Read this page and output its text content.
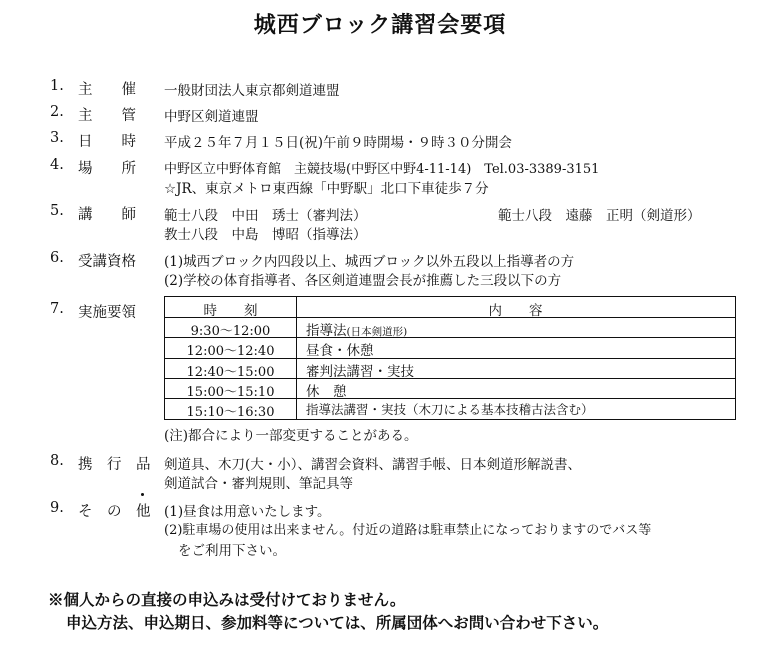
城西ブロック講習会要項
1. 主　　催 一般財団法人東京都剣道連盟
2. 主　　管 中野区剣道連盟
3. 日　　時 平成２５年７月１５日(祝)午前９時開場・９時３０分開会
4. 場　　所 中野区立中野体育館　主競技場(中野区中野4-11-14)　Tel.03-3389-3151
☆JR、東京メトロ東西線「中野駅」北口下車徒歩７分
5. 講　　師 範士八段　中田　琇士（審判法）	範士八段　遠藤　正明（剣道形）
教士八段　中島　博昭（指導法）
6. 受講資格 (1)城西ブロック内四段以上、城西ブロック以外五段以上指導者の方
(2)学校の体育指導者、各区剣道連盟会長が推薦した三段以下の方
7. 実施要領	時　　刻	内　　容
9:30～12:00	指導法(日本剣道形)
12:00～12:40	昼食・休憩
12:40～15:00	審判法講習・実技
15:00～15:10	休　憩
15:10～16:30	指導法講習・実技（木刀による基本技稽古法含む）
(注)都合により一部変更することがある。
8. 携　行　品 剣道具、木刀(大・小）、講習会資料、講習手帳、日本剣道形解説書、
剣道試合・審判規則、筆記具等
9. そ　の　他 (1)昼食は用意いたします。
(2)駐車場の使用は出来ません。付近の道路は駐車禁止になっておりますのでバス等
をご利用下さい。
※個人からの直接の申込みは受付けておりません。
申込方法、申込期日、参加料等については、所属団体へお問い合わせ下さい。
